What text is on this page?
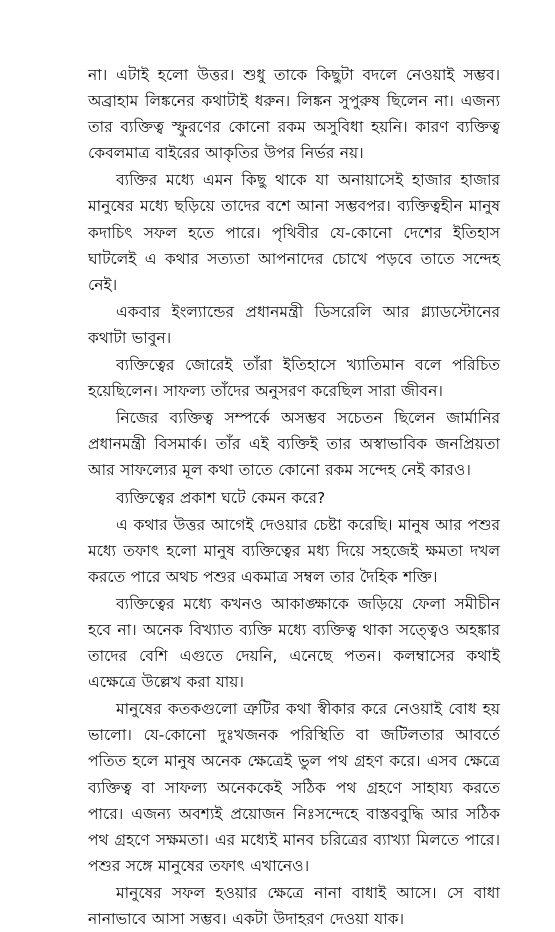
না। এটাই হলো উত্তর। শুধু তাকে কিছুটা বদলে নেওয়াই সম্ভব। অব্রাহাম লিঙ্কনের কথাটাই ধরুন। লিঙ্কন সুপুরুষ ছিলেন না। এজন্য তার ব্যক্তিত্ব স্ফুরণের কোনো রকম অসুবিধা হয়নি। কারণ ব্যক্তিত্ব কেবলমাত্র বাইরের আকৃতির উপর নির্ভর নয়।

ব্যক্তির মধ্যে এমন কিছু থাকে যা অনায়াসেই হাজার হাজার মানুষের মধ্যে ছড়িয়ে তাদের বশে আনা সম্ভবপর। ব্যক্তিত্বহীন মানুষ কদাচিৎ সফল হতে পারে। পৃথিবীর যে-কোনো দেশের ইতিহাস ঘাটলেই এ কথার সত্যতা আপনাদের চোখে পড়বে তাতে সন্দেহ নেই।

একবার ইংল্যান্ডের প্রধানমন্ত্রী ডিসরেলি আর গ্ল্যাডস্টোনের কথাটা ভাবুন।

ব্যক্তিত্বের জোরেই তাঁরা ইতিহাসে খ্যাতিমান বলে পরিচিত হয়েছিলেন। সাফল্য তাঁদের অনুসরণ করেছিল সারা জীবন।

নিজের ব্যক্তিত্ব সম্পর্কে অসম্ভব সচেতন ছিলেন জার্মানির প্রধানমন্ত্রী বিসমার্ক। তাঁর এই ব্যক্তিই তার অস্বাভাবিক জনপ্রিয়তা আর সাফল্যের মূল কথা তাতে কোনো রকম সন্দেহ নেই কারও।

ব্যক্তিত্বের প্রকাশ ঘটে কেমন করে?

এ কথার উত্তর আগেই দেওয়ার চেষ্টা করেছি। মানুষ আর পশুর মধ্যে তফাৎ হলো মানুষ ব্যক্তিত্বের মধ্য দিয়ে সহজেই ক্ষমতা দখল করতে পারে অথচ পশুর একমাত্র সম্বল তার দৈহিক শক্তি।

ব্যক্তিত্বের মধ্যে কখনও আকাঙ্ক্ষাকে জড়িয়ে ফেলা সমীচীন হবে না। অনেক বিখ্যাত ব্যক্তি মধ্যে ব্যক্তিত্ব থাকা সত্ত্বেও অহঙ্কার তাদের বেশি এগুতে দেয়নি, এনেছে পতন। কলম্বাসের কথাই এক্ষেত্রে উল্লেখ করা যায়।

মানুষের কতকগুলো ত্রুটির কথা স্বীকার করে নেওয়াই বোধ হয় ভালো। যে-কোনো দুঃখজনক পরিস্থিতি বা জটিলতার আবর্তে পতিত হলে মানুষ অনেক ক্ষেত্রেই ভুল পথ গ্রহণ করে। এসব ক্ষেত্রে ব্যক্তিত্ব বা সাফল্য অনেককেই সঠিক পথ গ্রহণে সাহায্য করতে পারে। এজন্য অবশ্যই প্রয়োজন নিঃসন্দেহে বাস্তববুদ্ধি আর সঠিক পথ গ্রহণে সক্ষমতা। এর মধ্যেই মানব চরিত্রের ব্যাখ্যা মিলতে পারে। পশুর সঙ্গে মানুষের তফাৎ এখানেও।

মানুষের সফল হওয়ার ক্ষেত্রে নানা বাধাই আসে। সে বাধা নানাভাবে আসা সম্ভব। একটা উদাহরণ দেওয়া যাক।
